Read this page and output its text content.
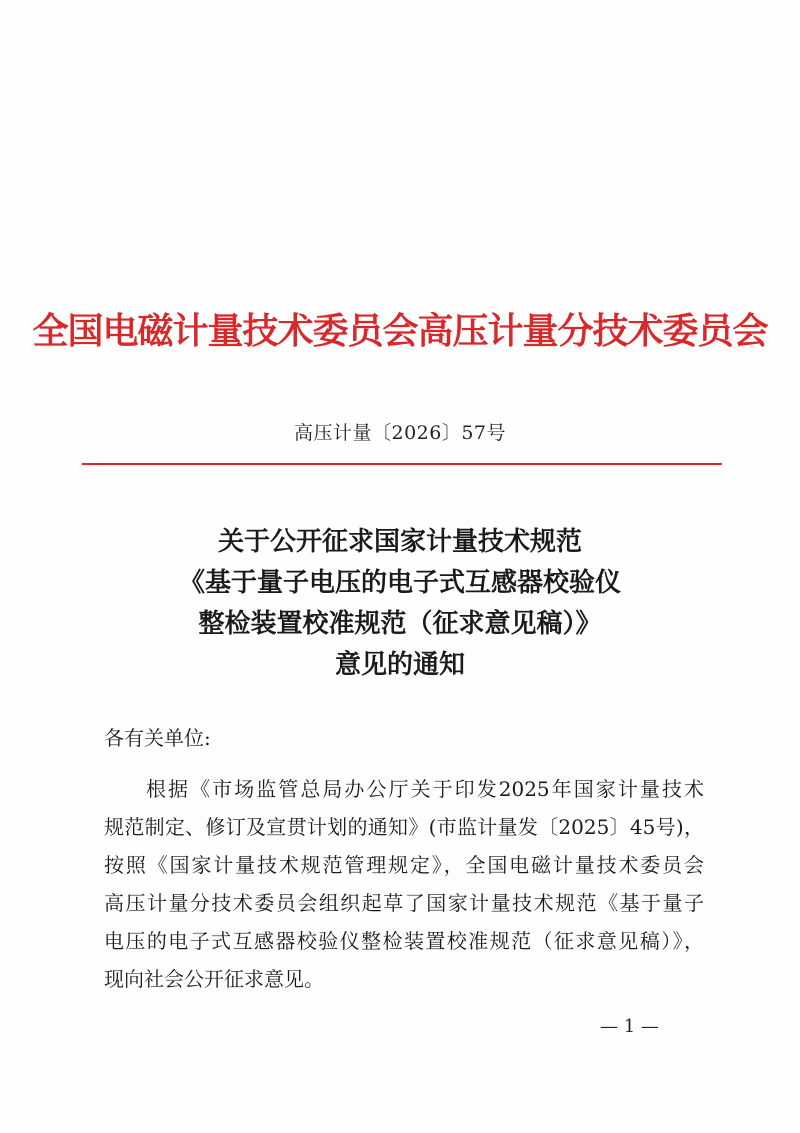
全国电磁计量技术委员会高压计量分技术委员会
高压计量〔2026〕57号
关于公开征求国家计量技术规范
《基于量子电压的电子式互感器校验仪
整检装置校准规范（征求意见稿）》
意见的通知
各有关单位:
根据《市场监管总局办公厅关于印发2025年国家计量技术
规范制定、修订及宣贯计划的通知》(市监计量发〔2025〕45号)，
按照《国家计量技术规范管理规定》，全国电磁计量技术委员会
高压计量分技术委员会组织起草了国家计量技术规范《基于量子
电压的电子式互感器校验仪整检装置校准规范（征求意见稿）》，
现向社会公开征求意见。
— 1 —
